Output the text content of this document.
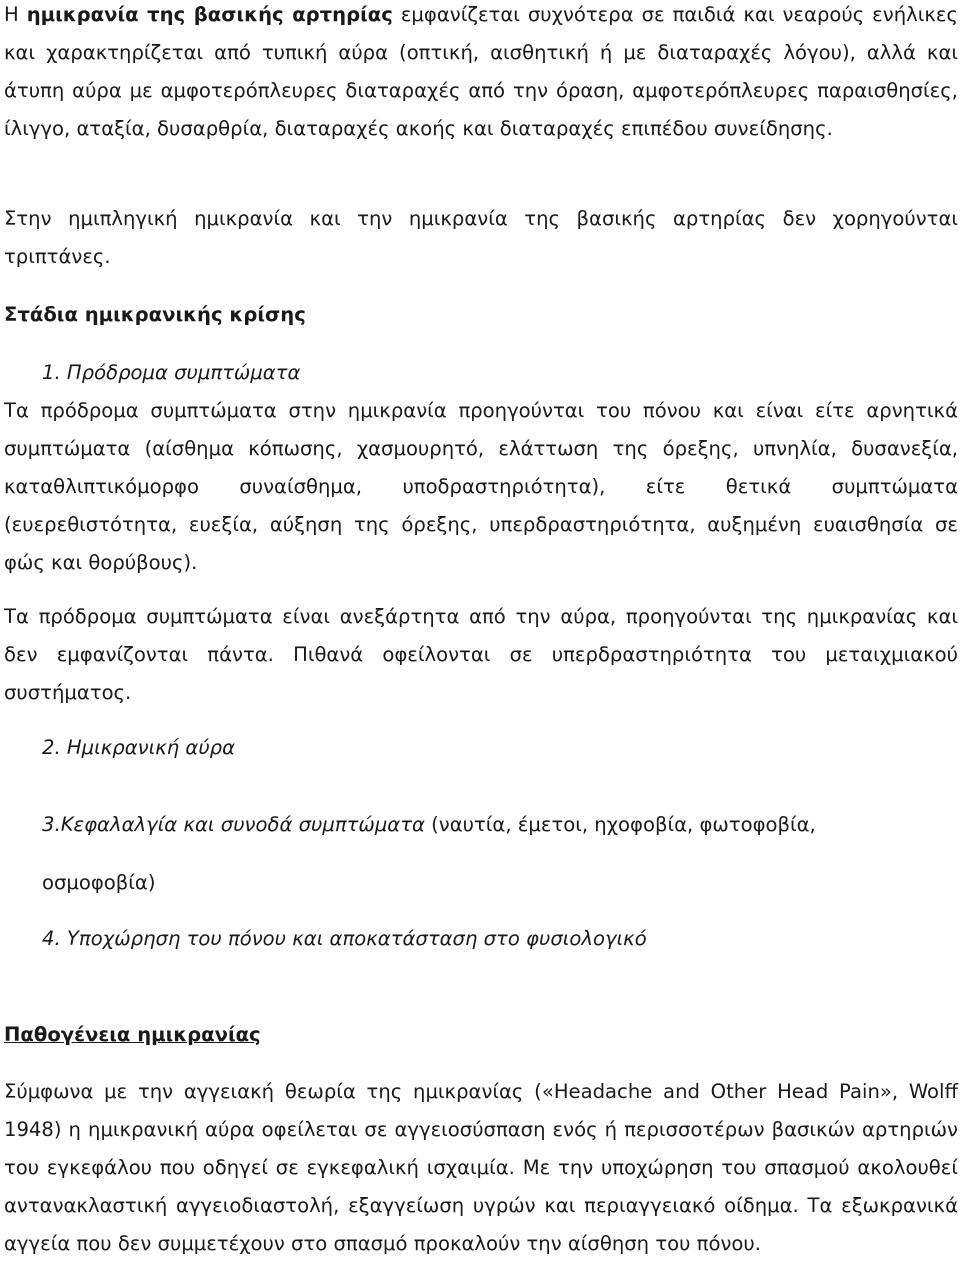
Η ημικρανία της βασικής αρτηρίας εμφανίζεται συχνότερα σε παιδιά και νεαρούς ενήλικες και χαρακτηρίζεται από τυπική αύρα (οπτική, αισθητική ή με διαταραχές λόγου), αλλά και άτυπη αύρα με αμφοτερόπλευρες διαταραχές από την όραση, αμφοτερόπλευρες παραισθησίες, ίλιγγο, αταξία, δυσαρθρία, διαταραχές ακοής και διαταραχές επιπέδου συνείδησης.

Στην ημιπληγική ημικρανία και την ημικρανία της βασικής αρτηρίας δεν χορηγούνται τριπτάνες.

Στάδια ημικρανικής κρίσης

1. Πρόδρομα συμπτώματα

Τα πρόδρομα συμπτώματα στην ημικρανία προηγούνται του πόνου και είναι είτε αρνητικά συμπτώματα (αίσθημα κόπωσης, χασμουρητό, ελάττωση της όρεξης, υπνηλία, δυσανεξία, καταθλιπτικόμορφο συναίσθημα, υποδραστηριότητα), είτε θετικά συμπτώματα (ευερεθιστότητα, ευεξία, αύξηση της όρεξης, υπερδραστηριότητα, αυξημένη ευαισθησία σε φώς και θορύβους).

Τα πρόδρομα συμπτώματα είναι ανεξάρτητα από την αύρα, προηγούνται της ημικρανίας και δεν εμφανίζονται πάντα. Πιθανά οφείλονται σε υπερδραστηριότητα του μεταιχμιακού συστήματος.

2. Ημικρανική αύρα

3.Κεφαλαλγία και συνοδά συμπτώματα (ναυτία, έμετοι, ηχοφοβία, φωτοφοβία,

οσμοφοβία)

4. Υποχώρηση του πόνου και αποκατάσταση στο φυσιολογικό

Παθογένεια ημικρανίας

Σύμφωνα με την αγγειακή θεωρία της ημικρανίας («Headache and Other Head Pain», Wolff 1948) η ημικρανική αύρα οφείλεται σε αγγειοσύσπαση ενός ή περισσοτέρων βασικών αρτηριών του εγκεφάλου που οδηγεί σε εγκεφαλική ισχαιμία. Με την υποχώρηση του σπασμού ακολουθεί αντανακλαστική αγγειοδιαστολή, εξαγγείωση υγρών και περιαγγειακό οίδημα. Τα εξωκρανικά αγγεία που δεν συμμετέχουν στο σπασμό προκαλούν την αίσθηση του πόνου.
